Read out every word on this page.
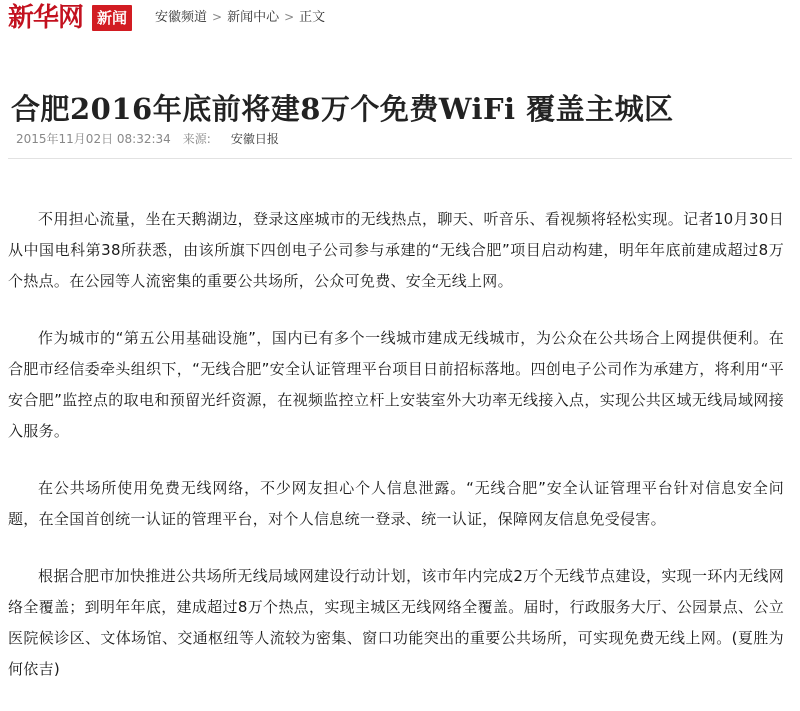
新华网 新闻	安徽频道 > 新闻中心 > 正文
合肥2016年底前将建8万个免费WiFi 覆盖主城区
2015年11月02日 08:32:34 来源: 安徽日报

不用担心流量，坐在天鹅湖边，登录这座城市的无线热点，聊天、听音乐、看视频将轻松实现。记者10月30日从中国电科第38所获悉，由该所旗下四创电子公司参与承建的“无线合肥”项目启动构建，明年年底前建成超过8万个热点。在公园等人流密集的重要公共场所，公众可免费、安全无线上网。

作为城市的“第五公用基础设施”，国内已有多个一线城市建成无线城市，为公众在公共场合上网提供便利。在合肥市经信委牵头组织下，“无线合肥”安全认证管理平台项目日前招标落地。四创电子公司作为承建方，将利用“平安合肥”监控点的取电和预留光纤资源，在视频监控立杆上安装室外大功率无线接入点，实现公共区域无线局域网接入服务。

在公共场所使用免费无线网络，不少网友担心个人信息泄露。“无线合肥”安全认证管理平台针对信息安全问题，在全国首创统一认证的管理平台，对个人信息统一登录、统一认证，保障网友信息免受侵害。

根据合肥市加快推进公共场所无线局域网建设行动计划，该市年内完成2万个无线节点建设，实现一环内无线网络全覆盖；到明年年底，建成超过8万个热点，实现主城区无线网络全覆盖。届时，行政服务大厅、公园景点、公立医院候诊区、文体场馆、交通枢纽等人流较为密集、窗口功能突出的重要公共场所，可实现免费无线上网。(夏胜为 何依吉)
